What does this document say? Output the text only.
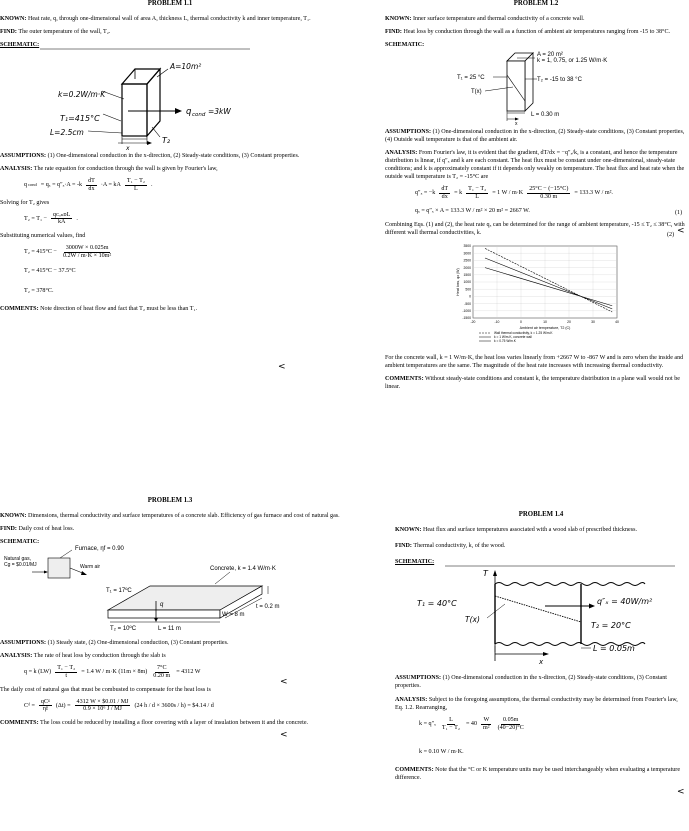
PROBLEM 1.1
KNOWN: Heat rate, q, through one-dimensional wall of area A, thickness L, thermal conductivity k and inner temperature, T₁.
FIND: The outer temperature of the wall, T₂.
SCHEMATIC:
k=0.2W/m·K
A=10m²
q cond =3kW
T₁=415°C
T₂
L=2.5cm
x
ASSUMPTIONS: (1) One-dimensional conduction in the x-direction, (2) Steady-state conditions, (3) Constant properties.
ANALYSIS: The rate equation for conduction through the wall is given by Fourier's law,
q cond = $q_x = q''_x\cdot A = -k \frac{dT}{dx} \cdot A$ = kA $\frac{\text{T₁ − T₂}}{L}$ .
Solving for T₂ gives
$T_2 = T_1 - \frac{\text{qᴄₒₙᴅL}}{kA}$ .
Substituting numerical values, find
$T_2 = 415^\circ C - \frac{3000W \times 0.025m}{\text{0.2W / m·K × 10m²}}$
T₂ = 415°C − 37.5°C
T₂ = 378°C.
<
COMMENTS: Note direction of heat flow and fact that T₂ must be less than T₁.
PROBLEM 1.2
KNOWN: Inner surface temperature and thermal conductivity of a concrete wall.
FIND: Heat loss by conduction through the wall as a function of ambient air temperatures ranging from -15 to 38°C.
SCHEMATIC:
A = 20 m²
k = 1, 0.75, or 1.25 W/m·K
T₁ = 25 °C	T₂ = -15 to 38 °C
T(x)
L = 0.30 m
x
ASSUMPTIONS: (1) One-dimensional conduction in the x-direction, (2) Steady-state conditions, (3) Constant properties, (4) Outside wall temperature is that of the ambient air.
ANALYSIS: From Fourier's law, it is evident that the gradient, dT/dx = −q″ₓ/k, is a constant, and hence the temperature distribution is linear, if q″ₓ and k are each constant. The heat flux must be constant under one-dimensional, steady-state conditions; and k is approximately constant if it depends only weakly on temperature. The heat flux and heat rate when the outside wall temperature is T₂ = -15°C are
$q''_x = -k \frac{dT}{dx} = k \frac{\text{T₁ − T₂}}{L} = 1$ $W / m\cdot K \frac{25^\circ C - (-15^\circ C)}{0.30 m} = 133.3$ W / m².
(1)
qₓ = q″ₓ × A = 133.3 W / m² × 20 m² = 2667 W.
(2) <
Combining Eqs. (1) and (2), the heat rate qₓ can be determined for the range of ambient temperature, -15 ≤ T₂ ≤ 38°C, with different wall thermal conductivities, k.
-1500
-1000
-500
0
500
1000
1500
2000
2500
3000
3500
-20	-10	0	10	20	30	40
Ambient air temperature, T2 (C)
Heat loss, qx (W)
Wall thermal conductivity, k = 1.25 W/m.K
k = 1 W/m.K, concrete wall
k = 0.75 W/m.K
For the concrete wall, k = 1 W/m·K, the heat loss varies linearly from +2667 W to -867 W and is zero when the inside and ambient temperatures are the same. The magnitude of the heat rate increases with increasing thermal conductivity.
COMMENTS: Without steady-state conditions and constant k, the temperature distribution in a plane wall would not be linear.
PROBLEM 1.3
KNOWN: Dimensions, thermal conductivity and surface temperatures of a concrete slab. Efficiency of gas furnace and cost of natural gas.
FIND: Daily cost of heat loss.
SCHEMATIC:
Furnace, ηf = 0.90
Natural gas,
Cg = $0.01/MJ	Warm air	Concrete, k = 1.4 W/m·K
T₁ = 17ºC
q
T₂ = 10ºC	L = 11 m
W = 8 m
t = 0.2 m
ASSUMPTIONS: (1) Steady state, (2) One-dimensional conduction, (3) Constant properties.
ANALYSIS: The rate of heat loss by conduction through the slab is
q = k $(LW) \frac{\text{T₁ − T₂}}{t} = 1.4$ W / m·K $(11m \times 8m) \frac{7^\circ C}{0.20 m} = 4312$ W
<
The daily cost of natural gas that must be combusted to compensate for the heat loss is
Cᵈ = $\frac{\text{qCᵍ}}{\eta f} (\Delta t) = \frac{4312 W \times \$0.01 / MJ}{\text{0.9 × 10⁶ J / MJ}} (24$ h / d × 3600s / h) = $4.14 / d
<
COMMENTS: The loss could be reduced by installing a floor covering with a layer of insulation between it and the concrete.
PROBLEM 1.4
KNOWN: Heat flux and surface temperatures associated with a wood slab of prescribed thickness.
FIND: Thermal conductivity, k, of the wood.
SCHEMATIC:
T
T₁ = 40°C
T(x)
q″ₓ = 40W/m²
T₂ = 20°C
L = 0.05m
x
ASSUMPTIONS: (1) One-dimensional conduction in the x-direction, (2) Steady-state conditions, (3) Constant properties.
ANALYSIS: Subject to the foregoing assumptions, the thermal conductivity may be determined from Fourier's law, Eq. 1.2. Rearranging,
$k = q''_x \frac{L}{\text{T₁ − T₂}} = 40 \frac{W}{\text{m²}} \frac{0.05m}{(40-20)^\circ C}$
k = 0.10 W / m·K.
<
COMMENTS: Note that the °C or K temperature units may be used interchangeably when evaluating a temperature difference.
